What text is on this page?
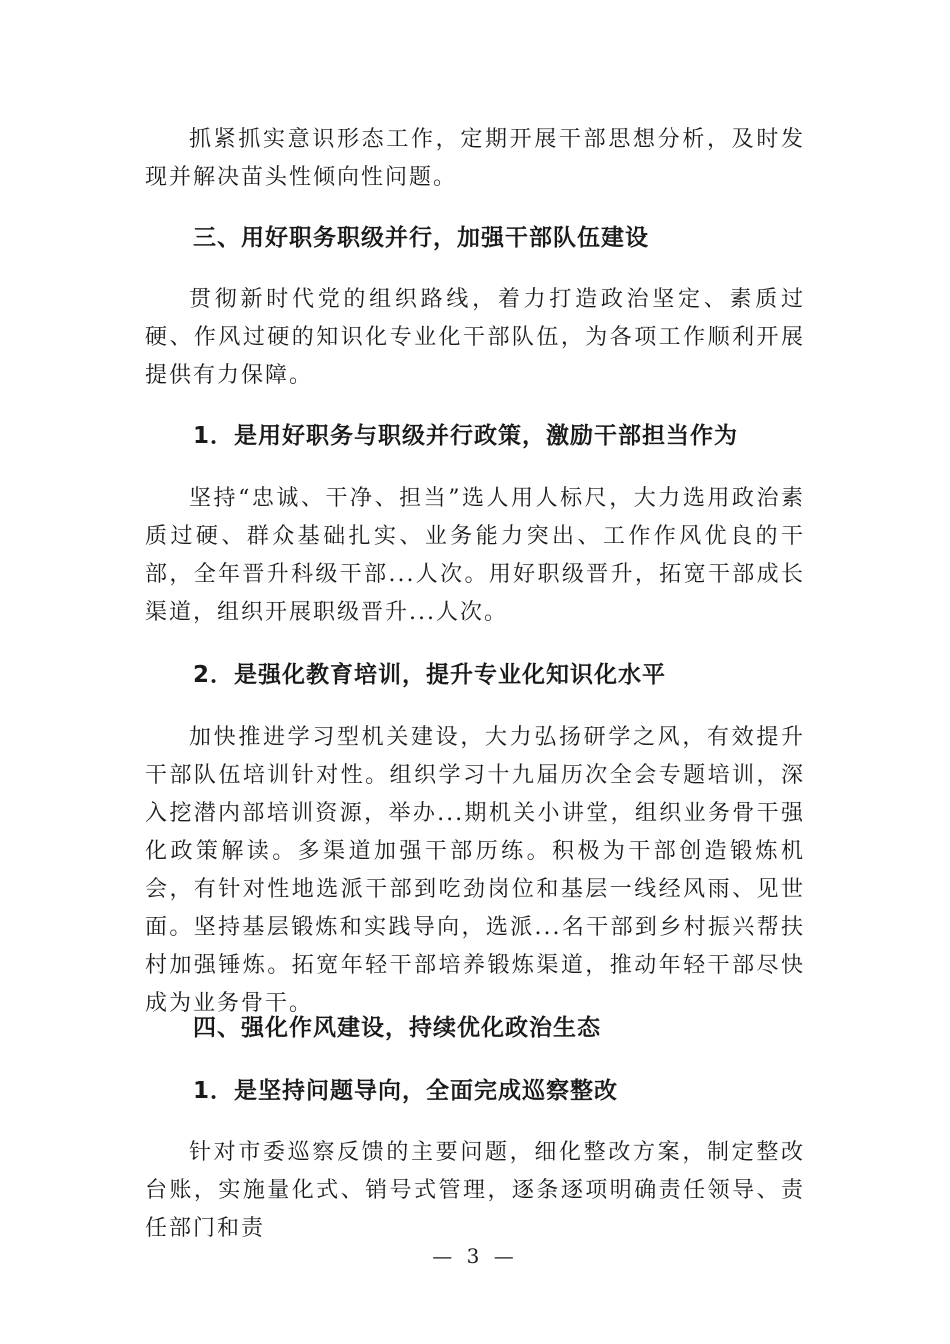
抓紧抓实意识形态工作，定期开展干部思想分析，及时发现并解决苗头性倾向性问题。

三、用好职务职级并行，加强干部队伍建设

贯彻新时代党的组织路线，着力打造政治坚定、素质过硬、作风过硬的知识化专业化干部队伍，为各项工作顺利开展提供有力保障。

1．是用好职务与职级并行政策，激励干部担当作为

坚持“忠诚、干净、担当”选人用人标尺，大力选用政治素质过硬、群众基础扎实、业务能力突出、工作作风优良的干部，全年晋升科级干部...人次。用好职级晋升，拓宽干部成长渠道，组织开展职级晋升...人次。

2．是强化教育培训，提升专业化知识化水平

加快推进学习型机关建设，大力弘扬研学之风，有效提升干部队伍培训针对性。组织学习十九届历次全会专题培训，深入挖潜内部培训资源，举办...期机关小讲堂，组织业务骨干强化政策解读。多渠道加强干部历练。积极为干部创造锻炼机会，有针对性地选派干部到吃劲岗位和基层一线经风雨、见世面。坚持基层锻炼和实践导向，选派...名干部到乡村振兴帮扶村加强锤炼。拓宽年轻干部培养锻炼渠道，推动年轻干部尽快成为业务骨干。

四、强化作风建设，持续优化政治生态
1．是坚持问题导向，全面完成巡察整改

针对市委巡察反馈的主要问题，细化整改方案，制定整改台账，实施量化式、销号式管理，逐条逐项明确责任领导、责任部门和责

— 3 —
